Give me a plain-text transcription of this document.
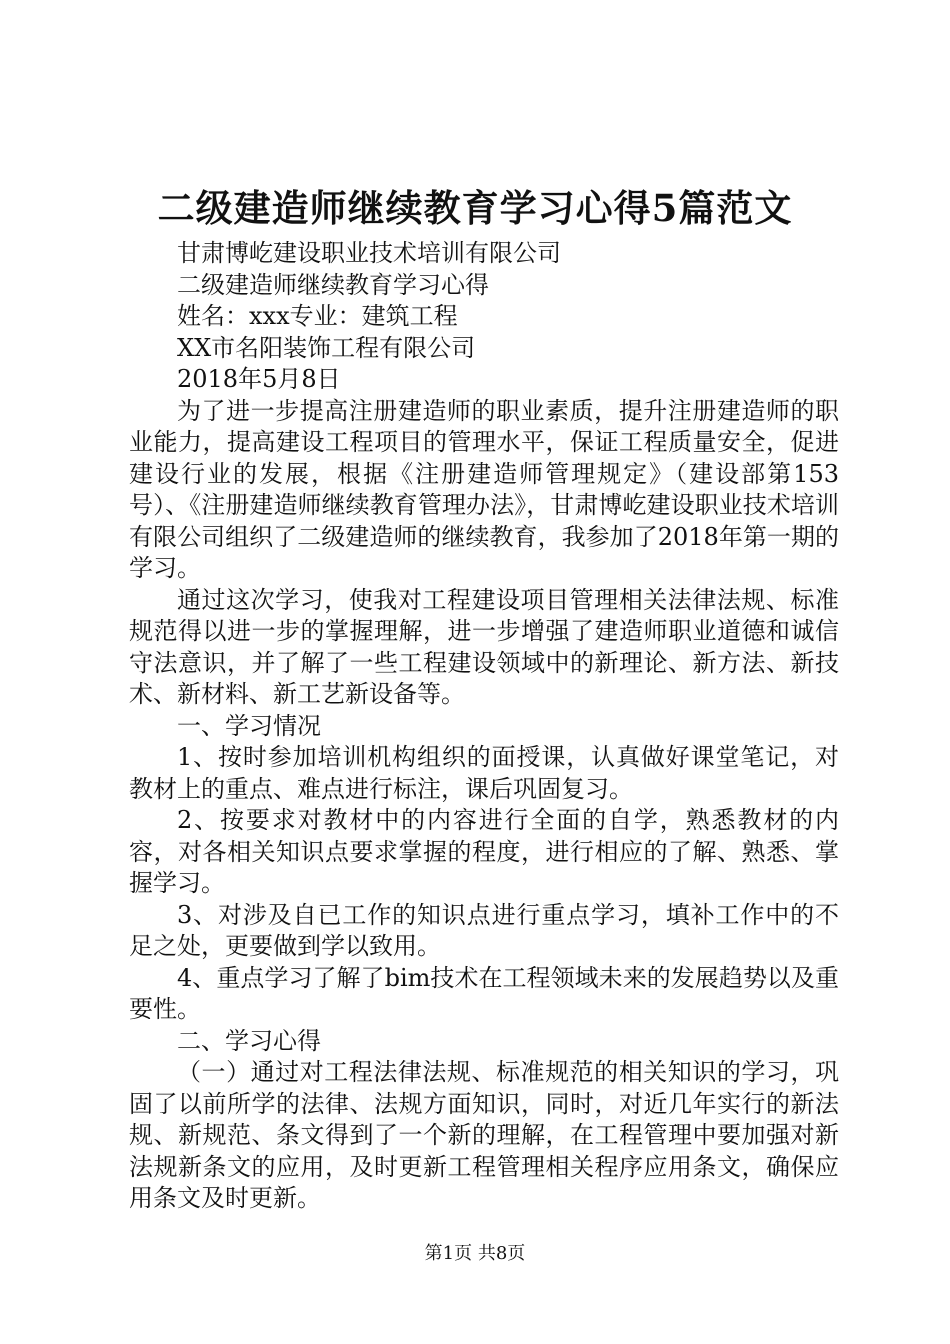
二级建造师继续教育学习心得5篇范文
甘肃博屹建设职业技术培训有限公司
二级建造师继续教育学习心得
姓名：xxx专业：建筑工程
XX市名阳装饰工程有限公司
2018年5月8日

为了进一步提高注册建造师的职业素质，提升注册建造师的职业能力，提高建设工程项目的管理水平，保证工程质量安全，促进建设行业的发展，根据《注册建造师管理规定》（建设部第153号）、《注册建造师继续教育管理办法》，甘肃博屹建设职业技术培训有限公司组织了二级建造师的继续教育，我参加了2018年第一期的学习。

通过这次学习，使我对工程建设项目管理相关法律法规、标准规范得以进一步的掌握理解，进一步增强了建造师职业道德和诚信守法意识，并了解了一些工程建设领域中的新理论、新方法、新技术、新材料、新工艺新设备等。

一、学习情况

1、按时参加培训机构组织的面授课，认真做好课堂笔记，对教材上的重点、难点进行标注，课后巩固复习。

2、按要求对教材中的内容进行全面的自学，熟悉教材的内容，对各相关知识点要求掌握的程度，进行相应的了解、熟悉、掌握学习。

3、对涉及自已工作的知识点进行重点学习，填补工作中的不足之处，更要做到学以致用。

4、重点学习了解了bim技术在工程领域未来的发展趋势以及重要性。

二、学习心得

（一）通过对工程法律法规、标准规范的相关知识的学习，巩固了以前所学的法律、法规方面知识，同时，对近几年实行的新法规、新规范、条文得到了一个新的理解，在工程管理中要加强对新法规新条文的应用，及时更新工程管理相关程序应用条文，确保应用条文及时更新。

第1页 共8页
